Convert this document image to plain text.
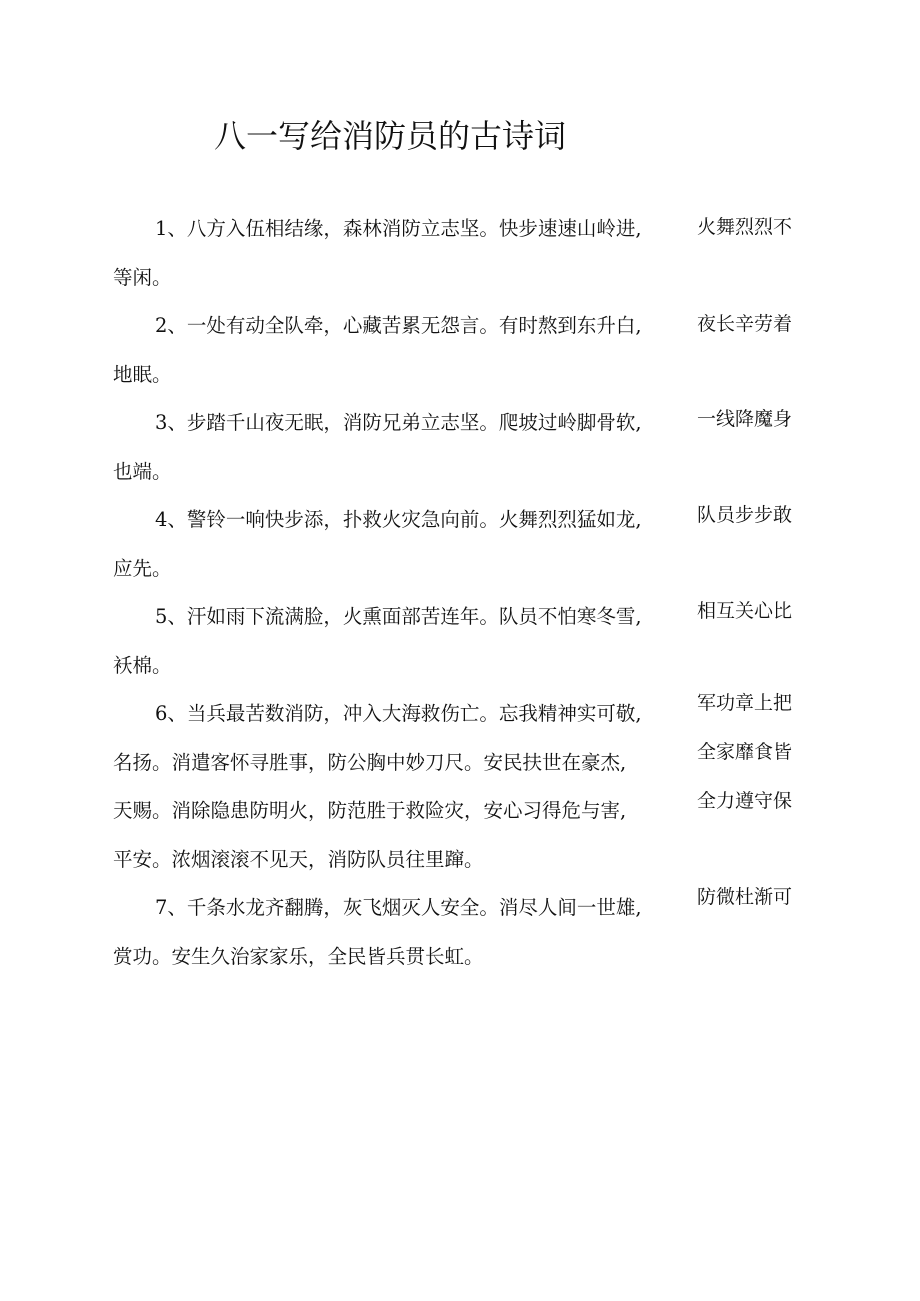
八一写给消防员的古诗词

1、八方入伍相结缘，森林消防立志坚。快步速速山岭进,	火舞烈烈不

等闲。

2、一处有动全队牵，心藏苦累无怨言。有时熬到东升白,	夜长辛劳着

地眠。

3、步踏千山夜无眠，消防兄弟立志坚。爬坡过岭脚骨软,	一线降魔身

也端。

4、警铃一响快步添，扑救火灾急向前。火舞烈烈猛如龙,	队员步步敢

应先。

5、汗如雨下流满脸，火熏面部苦连年。队员不怕寒冬雪,	相互关心比

袄棉。

6、当兵最苦数消防，冲入大海救伤亡。忘我精神实可敬,	军功章上把

名扬。消遣客怀寻胜事，防公胸中妙刀尺。安民扶世在豪杰,	全家靡食皆

天赐。消除隐患防明火，防范胜于救险灾，安心习得危与害,	全力遵守保

平安。浓烟滚滚不见天，消防队员往里蹿。

7、千条水龙齐翻腾，灰飞烟灭人安全。消尽人间一世雄,	防微杜渐可

赏功。安生久治家家乐，全民皆兵贯长虹。
